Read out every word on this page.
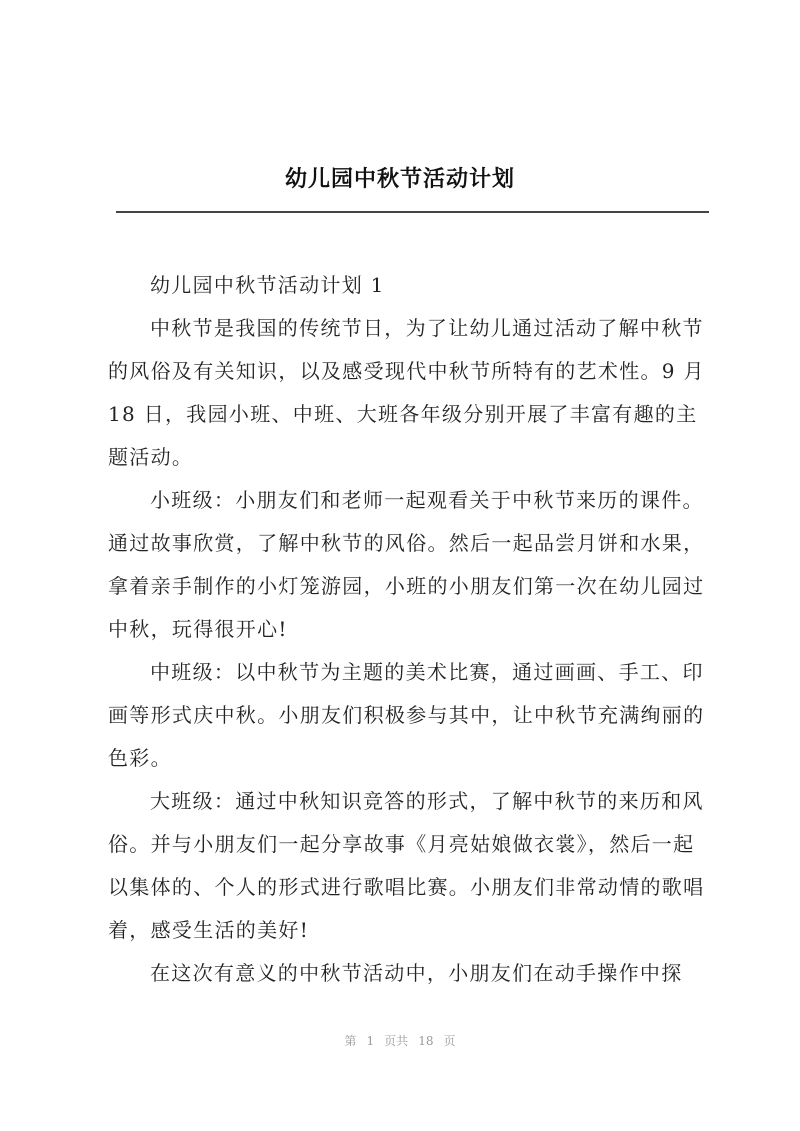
幼儿园中秋节活动计划
幼儿园中秋节活动计划 1
中秋节是我国的传统节日，为了让幼儿通过活动了解中秋节
的风俗及有关知识，以及感受现代中秋节所特有的艺术性。9 月
18 日，我园小班、中班、大班各年级分别开展了丰富有趣的主
题活动。
小班级：小朋友们和老师一起观看关于中秋节来历的课件。
通过故事欣赏，了解中秋节的风俗。然后一起品尝月饼和水果，
拿着亲手制作的小灯笼游园，小班的小朋友们第一次在幼儿园过
中秋，玩得很开心!
中班级：以中秋节为主题的美术比赛，通过画画、手工、印
画等形式庆中秋。小朋友们积极参与其中，让中秋节充满绚丽的
色彩。
大班级：通过中秋知识竞答的形式，了解中秋节的来历和风
俗。并与小朋友们一起分享故事《月亮姑娘做衣裳》，然后一起
以集体的、个人的形式进行歌唱比赛。小朋友们非常动情的歌唱
着，感受生活的美好!
在这次有意义的中秋节活动中，小朋友们在动手操作中探
第 1 页共 18 页
